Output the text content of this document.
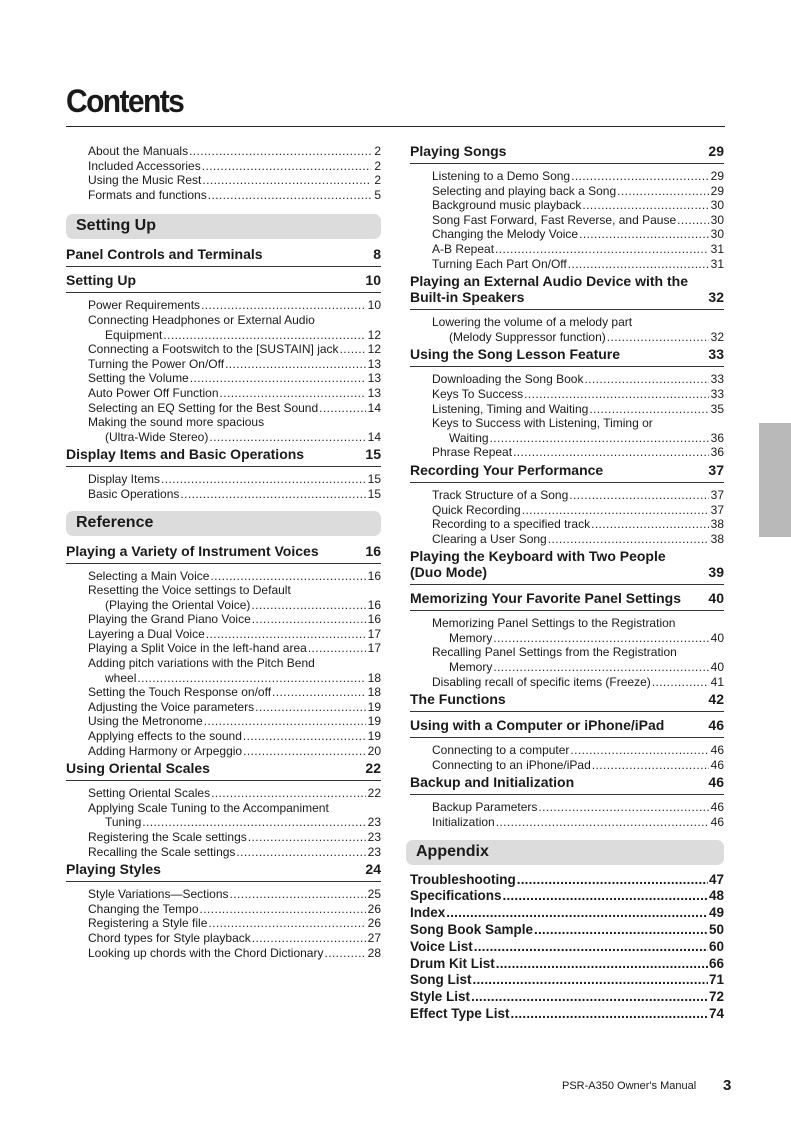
Contents
About the Manuals .....	2
Included Accessories .....	2
Using the Music Rest .....	2
Formats and functions .....	5
Setting Up
Panel Controls and Terminals	8
Setting Up	10
Power Requirements .....	10
Connecting Headphones or External Audio
Equipment .....	12
Connecting a Footswitch to the [SUSTAIN] jack ..... 12
Turning the Power On/Off .....	13
Setting the Volume .....	13
Auto Power Off Function .....	13
Selecting an EQ Setting for the Best Sound .....	14
Making the sound more spacious
(Ultra-Wide Stereo) .....	14
Display Items and Basic Operations	15
Display Items .....	15
Basic Operations .....	15
Reference
Playing a Variety of Instrument Voices	16
Selecting a Main Voice .....	16
Resetting the Voice settings to Default
(Playing the Oriental Voice) .....	16
Playing the Grand Piano Voice .....	16
Layering a Dual Voice .....	17
Playing a Split Voice in the left-hand area .....	17
Adding pitch variations with the Pitch Bend
wheel .....	18
Setting the Touch Response on/off .....	18
Adjusting the Voice parameters .....	19
Using the Metronome .....	19
Applying effects to the sound .....	19
Adding Harmony or Arpeggio .....	20
Using Oriental Scales	22
Setting Oriental Scales .....	22
Applying Scale Tuning to the Accompaniment
Tuning .....	23
Registering the Scale settings .....	23
Recalling the Scale settings .....	23
Playing Styles	24
Style Variations—Sections .....	25
Changing the Tempo .....	26
Registering a Style file .....	26
Chord types for Style playback .....	27
Looking up chords with the Chord Dictionary .....	28
Playing Songs	29
Listening to a Demo Song .....	29
Selecting and playing back a Song .....	29
Background music playback .....	30
Song Fast Forward, Fast Reverse, and Pause .....	30
Changing the Melody Voice .....	30
A-B Repeat .....	31
Turning Each Part On/Off .....	31
Playing an External Audio Device with the
Built-in Speakers	32
Lowering the volume of a melody part
(Melody Suppressor function) .....	32
Using the Song Lesson Feature	33
Downloading the Song Book .....	33
Keys To Success .....	33
Listening, Timing and Waiting .....	35
Keys to Success with Listening, Timing or
Waiting .....	36
Phrase Repeat .....	36
Recording Your Performance	37
Track Structure of a Song .....	37
Quick Recording .....	37
Recording to a specified track .....	38
Clearing a User Song .....	38
Playing the Keyboard with Two People
(Duo Mode)	39
Memorizing Your Favorite Panel Settings 40
Memorizing Panel Settings to the Registration
Memory .....	40
Recalling Panel Settings from the Registration
Memory .....	40
Disabling recall of specific items (Freeze) .....	41
The Functions	42
Using with a Computer or iPhone/iPad	46
Connecting to a computer .....	46
Connecting to an iPhone/iPad .....	46
Backup and Initialization	46
Backup Parameters .....	46
Initialization .....	46
Appendix
Troubleshooting .....	47
Specifications .....	48
Index .....	49
Song Book Sample .....	50
Voice List .....	60
Drum Kit List .....	66
Song List .....	71
Style List .....	72
Effect Type List .....	74
PSR-A350 Owner's Manual 3
